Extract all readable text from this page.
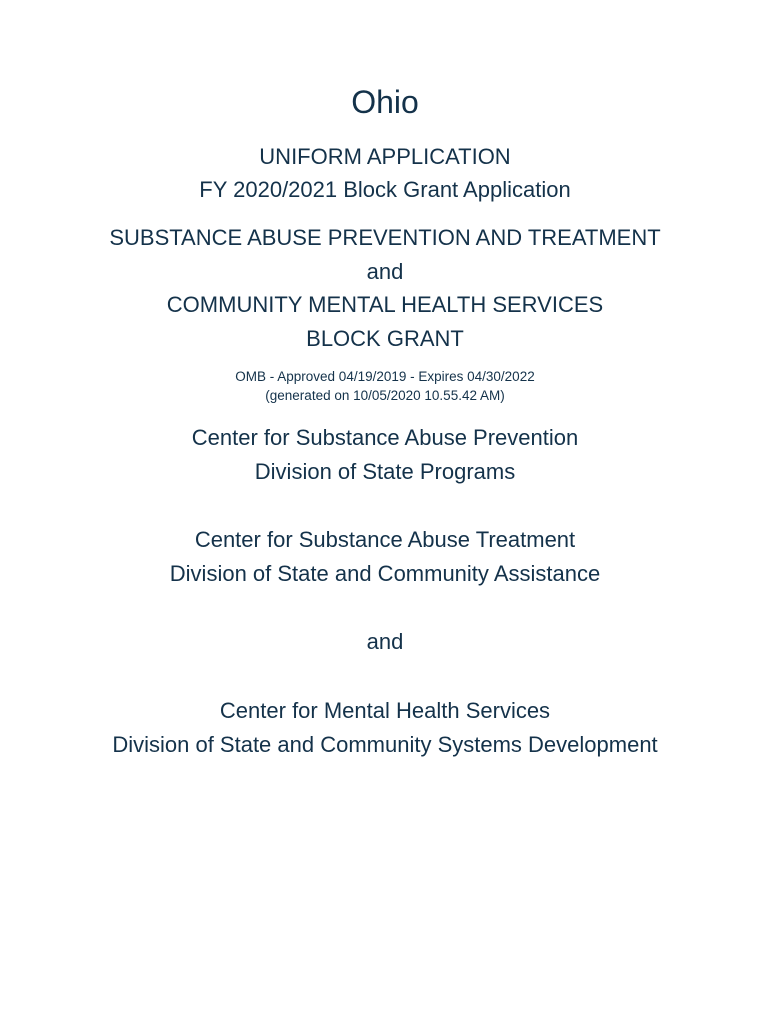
Ohio
UNIFORM APPLICATION
FY 2020/2021 Block Grant Application
SUBSTANCE ABUSE PREVENTION AND TREATMENT
and
COMMUNITY MENTAL HEALTH SERVICES
BLOCK GRANT
OMB - Approved 04/19/2019 - Expires 04/30/2022
(generated on 10/05/2020 10.55.42 AM)
Center for Substance Abuse Prevention
Division of State Programs
Center for Substance Abuse Treatment
Division of State and Community Assistance
and
Center for Mental Health Services
Division of State and Community Systems Development
